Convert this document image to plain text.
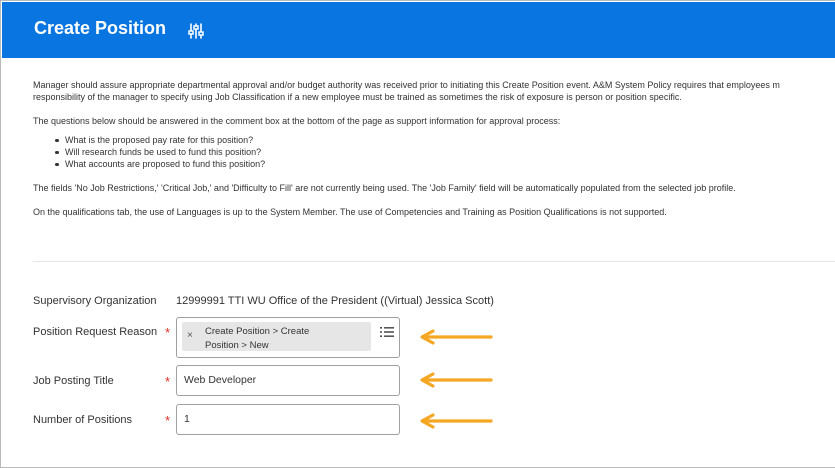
Create Position

Manager should assure appropriate departmental approval and/or budget authority was received prior to initiating this Create Position event. A&M System Policy requires that employees m

responsibility of the manager to specify using Job Classification if a new employee must be trained as sometimes the risk of exposure is person or position specific.

The questions below should be answered in the comment box at the bottom of the page as support information for approval process:

What is the proposed pay rate for this position?
Will research funds be used to fund this position?
What accounts are proposed to fund this position?

The fields 'No Job Restrictions,' 'Critical Job,' and 'Difficulty to Fill' are not currently being used. The 'Job Family' field will be automatically populated from the selected job profile.

On the qualifications tab, the use of Languages is up to the System Member. The use of Competencies and Training as Position Qualifications is not supported.

Supervisory Organization 12999991 TTI WU Office of the President ((Virtual) Jessica Scott)
Position Request Reason * × Create Position > Create
Position > New
Job Posting Title	*	Web Developer
Number of Positions	*	1
